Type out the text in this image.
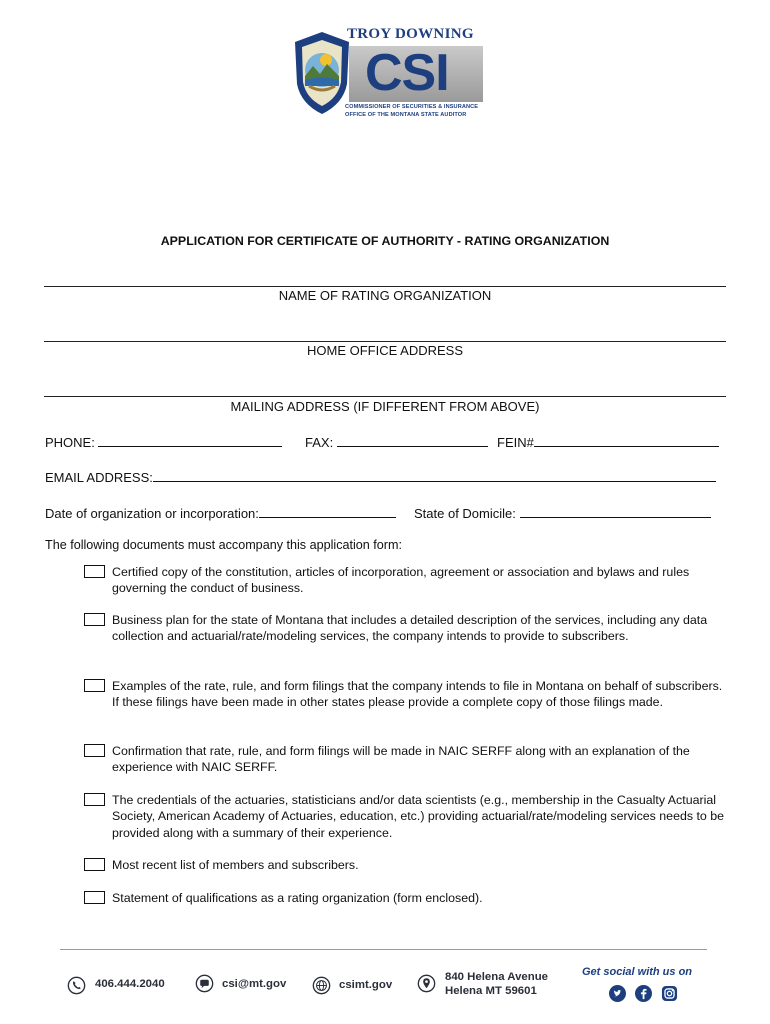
TROY DOWNING
CSI
COMMISSIONER OF SECURITIES & INSURANCE
OFFICE OF THE MONTANA STATE AUDITOR
APPLICATION FOR CERTIFICATE OF AUTHORITY - RATING ORGANIZATION
NAME OF RATING ORGANIZATION
HOME OFFICE ADDRESS
MAILING ADDRESS (IF DIFFERENT FROM ABOVE)
PHONE:	FAX:	FEIN#
EMAIL ADDRESS:
Date of organization or incorporation:	State of Domicile:
The following documents must accompany this application form:
Certified copy of the constitution, articles of incorporation, agreement or association and bylaws and rules governing the conduct of business.
Business plan for the state of Montana that includes a detailed description of the services, including any data collection and actuarial/rate/modeling services, the company intends to provide to subscribers.
Examples of the rate, rule, and form filings that the company intends to file in Montana on behalf of subscribers. If these filings have been made in other states please provide a complete copy of those filings made.
Confirmation that rate, rule, and form filings will be made in NAIC SERFF along with an explanation of the experience with NAIC SERFF.
The credentials of the actuaries, statisticians and/or data scientists (e.g., membership in the Casualty Actuarial Society, American Academy of Actuaries, education, etc.) providing actuarial/rate/modeling services needs to be provided along with a summary of their experience.
Most recent list of members and subscribers.
Statement of qualifications as a rating organization (form enclosed).
406.444.2040	csi@mt.gov	csimt.gov
840 Helena Avenue
Helena MT 59601
Get social with us on
